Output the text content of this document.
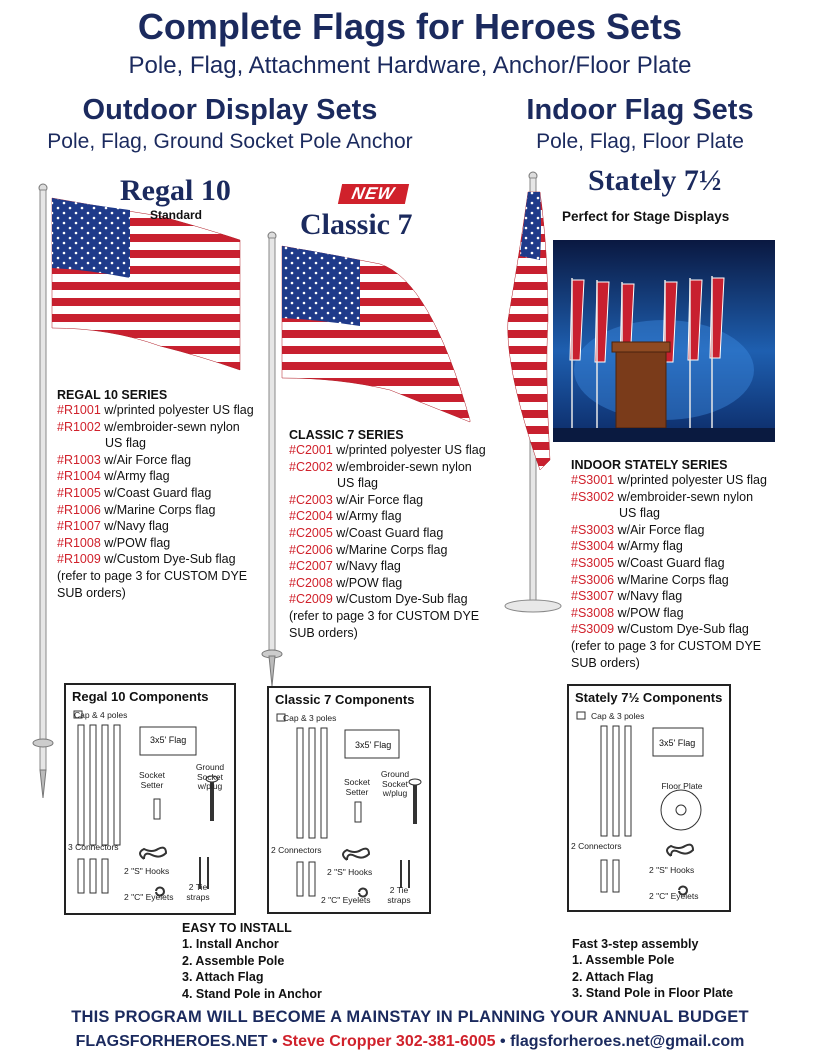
Complete Flags for Heroes Sets
Pole, Flag, Attachment Hardware, Anchor/Floor Plate
Outdoor Display Sets
Pole, Flag, Ground Socket Pole Anchor
Indoor Flag Sets
Pole, Flag, Floor Plate
Regal 10
Standard
NEW
Classic 7
Stately 7½
Perfect for Stage Displays
REGAL 10 SERIES
#R1001 w/printed polyester US flag
#R1002 w/embroider-sewn nylon
US flag
#R1003 w/Air Force flag
#R1004 w/Army flag
#R1005 w/Coast Guard flag
#R1006 w/Marine Corps flag
#R1007 w/Navy flag
#R1008 w/POW flag
#R1009 w/Custom Dye-Sub flag
(refer to page 3 for CUSTOM DYE
SUB orders)
CLASSIC 7 SERIES
#C2001 w/printed polyester US flag
#C2002 w/embroider-sewn nylon
US flag
#C2003 w/Air Force flag
#C2004 w/Army flag
#C2005 w/Coast Guard flag
#C2006 w/Marine Corps flag
#C2007 w/Navy flag
#C2008 w/POW flag
#C2009 w/Custom Dye-Sub flag
(refer to page 3 for CUSTOM DYE
SUB orders)
INDOOR STATELY SERIES
#S3001 w/printed polyester US flag
#S3002 w/embroider-sewn nylon
US flag
#S3003 w/Air Force flag
#S3004 w/Army flag
#S3005 w/Coast Guard flag
#S3006 w/Marine Corps flag
#S3007 w/Navy flag
#S3008 w/POW flag
#S3009 w/Custom Dye-Sub flag
(refer to page 3 for CUSTOM DYE
SUB orders)
Regal 10 Components
Cap & 4 poles
Ground Socket w/plug
Socket Setter
3x5' Flag
3 Connectors
2 "S" Hooks
2 "C" Eyelets
2 Tie straps
Classic 7 Components
Cap & 3 poles
Ground Socket w/plug
Socket Setter
3x5' Flag
2 Connectors
2 "S" Hooks
2 "C" Eyelets
2 Tie straps
Stately 7½ Components
Cap & 3 poles
3x5' Flag
Floor Plate
2 Connectors
2 "S" Hooks
2 "C" Eyelets
EASY TO INSTALL
1. Install Anchor
2. Assemble Pole
3. Attach Flag
4. Stand Pole in Anchor
Fast 3-step assembly
1. Assemble Pole
2. Attach Flag
3. Stand Pole in Floor Plate
THIS PROGRAM WILL BECOME A MAINSTAY IN PLANNING YOUR ANNUAL BUDGET
FLAGSFORHEROES.NET • Steve Cropper 302-381-6005 • flagsforheroes.net@gmail.com
